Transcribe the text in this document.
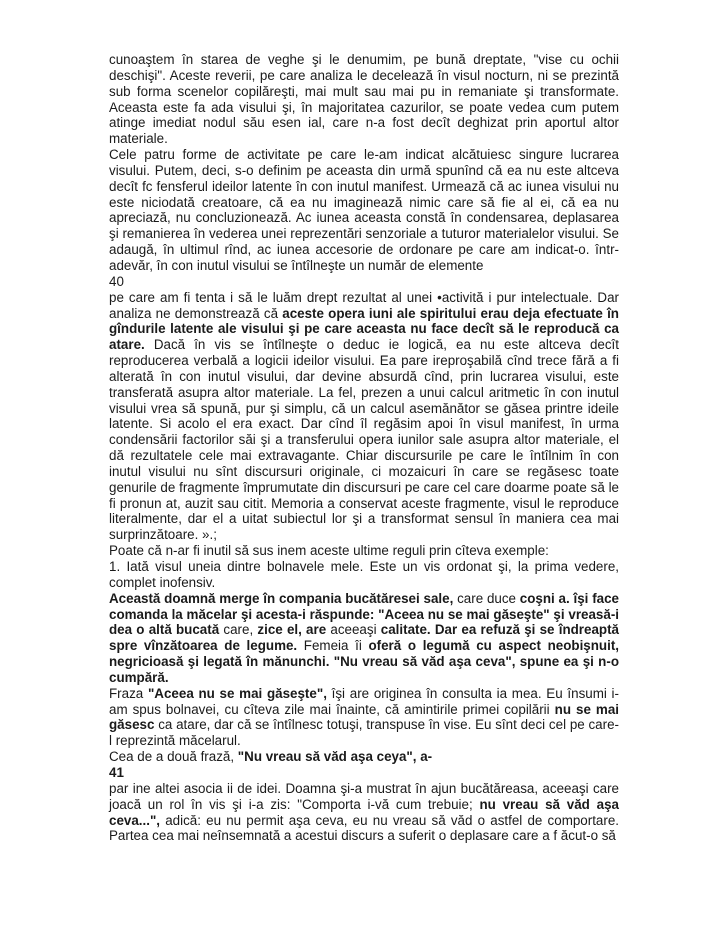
cunoaştem în starea de veghe şi le denumim, pe bună dreptate, "vise cu ochii deschişi". Aceste reverii, pe care analiza le decelează în visul nocturn, ni se prezintă sub forma scenelor copilăreşti, mai mult sau mai pu in remaniate şi transformate. Aceasta este fa ada visului şi, în majoritatea cazurilor, se poate vedea cum putem atinge imediat nodul său esen ial, care n-a fost decît deghizat prin aportul altor materiale.

Cele patru forme de activitate pe care le-am indicat alcătuiesc singure lucrarea visului. Putem, deci, s-o definim pe aceasta din urmă spunînd că ea nu este altceva decît fc fensferul ideilor latente în con inutul manifest. Urmează că ac iunea visului nu este niciodată creatoare, că ea nu imaginează nimic care să fie al ei, că ea nu apreciază, nu concluzionează. Ac iunea aceasta constă în condensarea, deplasarea şi remanierea în vederea unei reprezentări senzoriale a tuturor materialelor visului. Se adaugă, în ultimul rînd, ac iunea accesorie de ordonare pe care am indicat-o. într-adevăr, în con inutul visului se întîlneşte un număr de elemente

40

pe care am fi tenta i să le luăm drept rezultat al unei •activită i pur intelectuale. Dar analiza ne demonstrează că aceste opera iuni ale spiritului erau deja efectuate în gîndurile latente ale visului şi pe care aceasta nu face decît să le reproducă ca atare. Dacă în vis se întîlneşte o deduc ie logică, ea nu este altceva decît reproducerea verbală a logicii ideilor visului. Ea pare ireproşabilă cînd trece fără a fi alterată în con inutul visului, dar devine absurdă cînd, prin lucrarea visului, este transferată asupra altor materiale. La fel, prezen a unui calcul aritmetic în con inutul visului vrea să spună, pur şi simplu, că un calcul asemănător se găsea printre ideile latente. Si acolo el era exact. Dar cînd îl regăsim apoi în visul manifest, în urma condensării factorilor săi şi a transferului opera iunilor sale asupra altor materiale, el dă rezultatele cele mai extravagante. Chiar discursurile pe care le întîlnim în con inutul visului nu sînt discursuri originale, ci mozaicuri în care se regăsesc toate genurile de fragmente împrumutate din discursuri pe care cel care doarme poate să le fi pronun at, auzit sau citit. Memoria a conservat aceste fragmente, visul le reproduce literalmente, dar el a uitat subiectul lor şi a transformat sensul în maniera cea mai surprinzătoare. ».;

Poate că n-ar fi inutil să sus inem aceste ultime reguli prin cîteva exemple:

1. Iată visul uneia dintre bolnavele mele. Este un vis ordonat şi, la prima vedere, complet inofensiv.

Această doamnă merge în compania bucătăresei sale, care duce coşni a. îşi face comanda la măcelar şi acesta-i răspunde: "Aceea nu se mai găseşte" şi vreasă-i dea o altă bucată care, zice el, are aceeaşi calitate. Dar ea refuză şi se îndreaptă spre vînzătoarea de legume. Femeia îi oferă o legumă cu aspect neobişnuit, negricioasă şi legată în mănunchi. "Nu vreau să văd aşa ceva", spune ea şi n-o cumpără.

Fraza "Aceea nu se mai găseşte", îşi are originea în consulta ia mea. Eu însumi i-am spus bolnavei, cu cîteva zile mai înainte, că amintirile primei copilării nu se mai găsesc ca atare, dar că se întîlnesc totuşi, transpuse în vise. Eu sînt deci cel pe care-l reprezintă măcelarul.

Cea de a două frază, "Nu vreau să văd aşa ceya", a-

41

par ine altei asocia ii de idei. Doamna şi-a mustrat în ajun bucătăreasa, aceeaşi care joacă un rol în vis şi i-a zis: "Comporta i-vă cum trebuie; nu vreau să văd aşa ceva...", adică: eu nu permit aşa ceva, eu nu vreau să văd o astfel de comportare. Partea cea mai neînsemnată a acestui discurs a suferit o deplasare care a f ăcut-o să
